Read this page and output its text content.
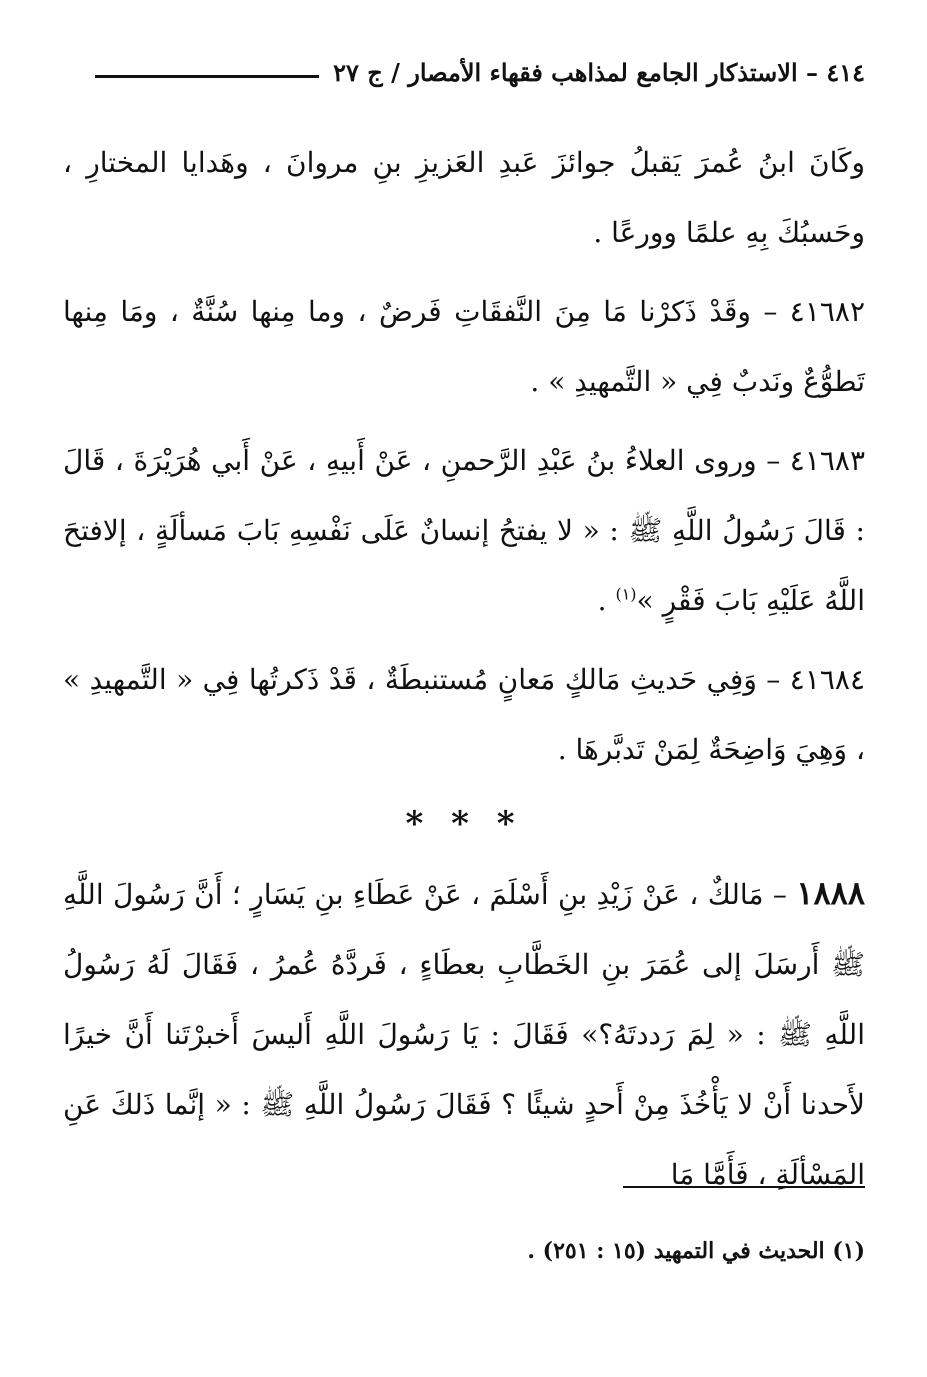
٤١٤ – الاستذكار الجامع لمذاهب فقهاء الأمصار / ج ٢٧

وكَانَ ابنُ عُمرَ يَقبلُ جوائزَ عَبدِ العَزيزِ بنِ مروانَ ، وهَدايا المختارِ ، وحَسبُكَ بِهِ علمًا وورعًا .

٤١٦٨٢ – وقَدْ ذَكرْنا مَا مِنَ النَّفقَاتِ فَرضٌ ، وما مِنها سُنَّةٌ ، ومَا مِنها تَطوُّعٌ ونَدبٌ فِي « التَّمهيدِ » .

٤١٦٨٣ – وروى العلاءُ بنُ عَبْدِ الرَّحمنِ ، عَنْ أَبيهِ ، عَنْ أَبي هُرَيْرَةَ ، قَالَ : قَالَ رَسُولُ اللَّهِ ﷺ : « لا يفتحُ إنسانٌ عَلَى نَفْسِهِ بَابَ مَسألَةٍ ، إلافتحَ اللَّهُ عَلَيْهِ بَابَ فَقْرٍ »$^{(١)}$ .

٤١٦٨٤ – وَفِي حَديثِ مَالكٍ مَعانٍ مُستنبطَةٌ ، قَدْ ذَكرتُها فِي « التَّمهيدِ » ، وَهِيَ وَاضِحَةٌ لِمَنْ تَدبَّرهَا .

* * *

١٨٨٨ – مَالكٌ ، عَنْ زَيْدِ بنِ أَسْلَمَ ، عَنْ عَطَاءِ بنِ يَسَارٍ ؛ أَنَّ رَسُولَ اللَّهِ ﷺ أَرسَلَ إلى عُمَرَ بنِ الخَطَّابِ بعطَاءٍ ، فَردَّهُ عُمرُ ، فَقَالَ لَهُ رَسُولُ اللَّهِ ﷺ : « لِمَ رَددتَهُ؟» فَقَالَ : يَا رَسُولَ اللَّهِ أَليسَ أَخبرْتَنا أَنَّ خيرًا لأَحدنا أَنْ لا يَأْخُذَ مِنْ أَحدٍ شيئًا ؟ فَقَالَ رَسُولُ اللَّهِ ﷺ : « إنَّما ذَلكَ عَنِ المَسْألَةِ ، فَأَمَّا مَا

(١) الحديث في التمهيد (١٥ : ٢٥١) .
